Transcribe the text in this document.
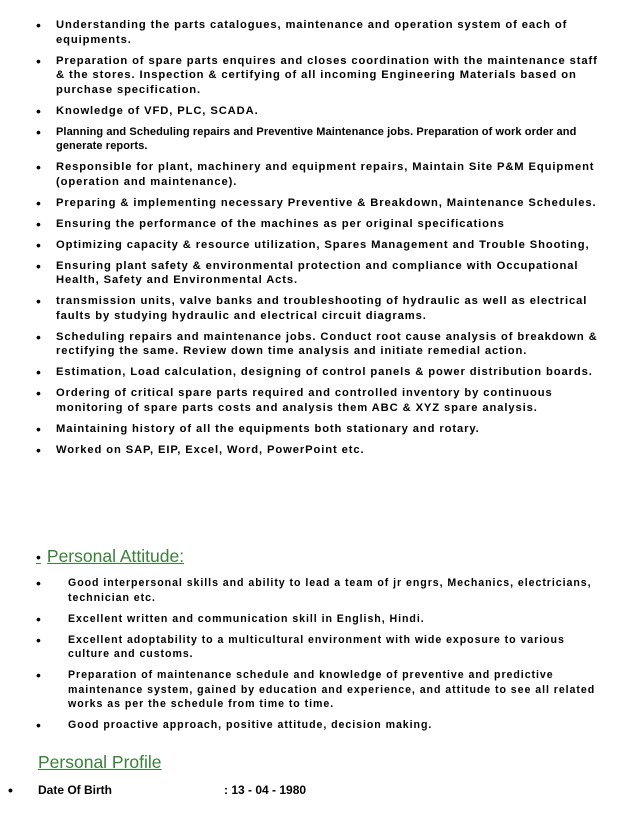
• Understanding the parts catalogues, maintenance and operation system of each of equipments.
• Preparation of spare parts enquires and closes coordination with the maintenance staff & the stores. Inspection & certifying of all incoming Engineering Materials based on purchase specification.
• Knowledge of VFD, PLC, SCADA.
• Planning and Scheduling repairs and Preventive Maintenance jobs. Preparation of work order and generate reports.
• Responsible for plant, machinery and equipment repairs, Maintain Site P&M Equipment (operation and maintenance).
• Preparing & implementing necessary Preventive & Breakdown, Maintenance Schedules.
• Ensuring the performance of the machines as per original specifications
• Optimizing capacity & resource utilization, Spares Management and Trouble Shooting,
• Ensuring plant safety & environmental protection and compliance with Occupational Health, Safety and Environmental Acts.
• transmission units, valve banks and troubleshooting of hydraulic as well as electrical faults by studying hydraulic and electrical circuit diagrams.
• Scheduling repairs and maintenance jobs. Conduct root cause analysis of breakdown & rectifying the same. Review down time analysis and initiate remedial action.
• Estimation, Load calculation, designing of control panels & power distribution boards.
• Ordering of critical spare parts required and controlled inventory by continuous monitoring of spare parts costs and analysis them ABC & XYZ spare analysis.
• Maintaining history of all the equipments both stationary and rotary.
• Worked on SAP, EIP, Excel, Word, PowerPoint etc.
• Personal Attitude:
•	Good interpersonal skills and ability to lead a team of jr engrs, Mechanics, electricians, technician etc.
•	Excellent written and communication skill in English, Hindi.
•	Excellent adoptability to a multicultural environment with wide exposure to various culture and customs.
•	Preparation of maintenance schedule and knowledge of preventive and predictive maintenance system, gained by education and experience, and attitude to see all related works as per the schedule from time to time.
•	Good proactive approach, positive attitude, decision making.
Personal Profile
• Date Of Birth	: 13 - 04 - 1980
